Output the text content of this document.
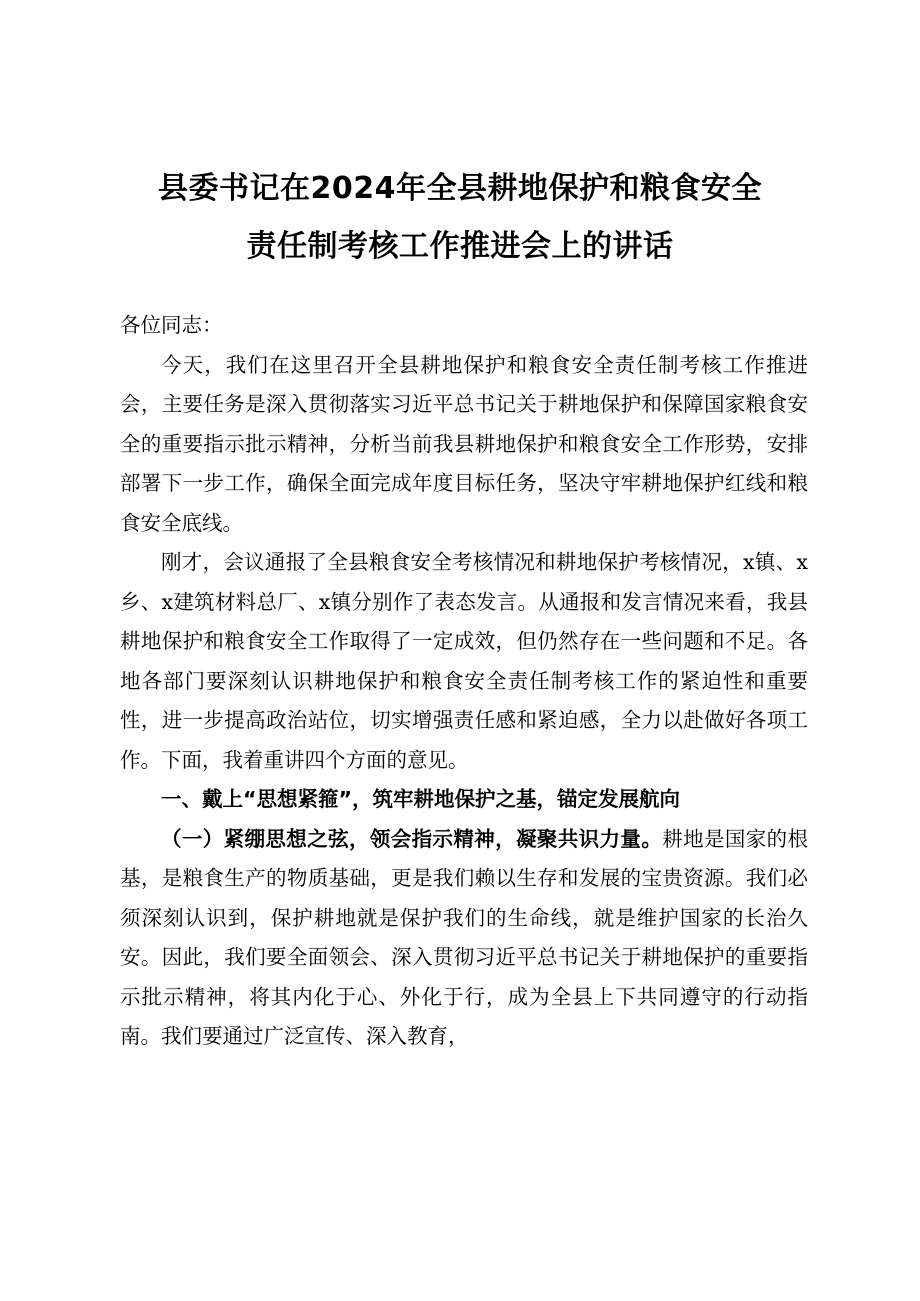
县委书记在2024年全县耕地保护和粮食安全
责任制考核工作推进会上的讲话

各位同志：

今天，我们在这里召开全县耕地保护和粮食安全责任制考核工作推进会，主要任务是深入贯彻落实习近平总书记关于耕地保护和保障国家粮食安全的重要指示批示精神，分析当前我县耕地保护和粮食安全工作形势，安排部署下一步工作，确保全面完成年度目标任务，坚决守牢耕地保护红线和粮食安全底线。

刚才，会议通报了全县粮食安全考核情况和耕地保护考核情况，x镇、x乡、x建筑材料总厂、x镇分别作了表态发言。从通报和发言情况来看，我县耕地保护和粮食安全工作取得了一定成效，但仍然存在一些问题和不足。各地各部门要深刻认识耕地保护和粮食安全责任制考核工作的紧迫性和重要性，进一步提高政治站位，切实增强责任感和紧迫感，全力以赴做好各项工作。下面，我着重讲四个方面的意见。

一、戴上“思想紧箍”，筑牢耕地保护之基，锚定发展航向

（一）紧绷思想之弦，领会指示精神，凝聚共识力量。耕地是国家的根基，是粮食生产的物质基础，更是我们赖以生存和发展的宝贵资源。我们必须深刻认识到，保护耕地就是保护我们的生命线，就是维护国家的长治久安。因此，我们要全面领会、深入贯彻习近平总书记关于耕地保护的重要指示批示精神，将其内化于心、外化于行，成为全县上下共同遵守的行动指南。我们要通过广泛宣传、深入教育，
